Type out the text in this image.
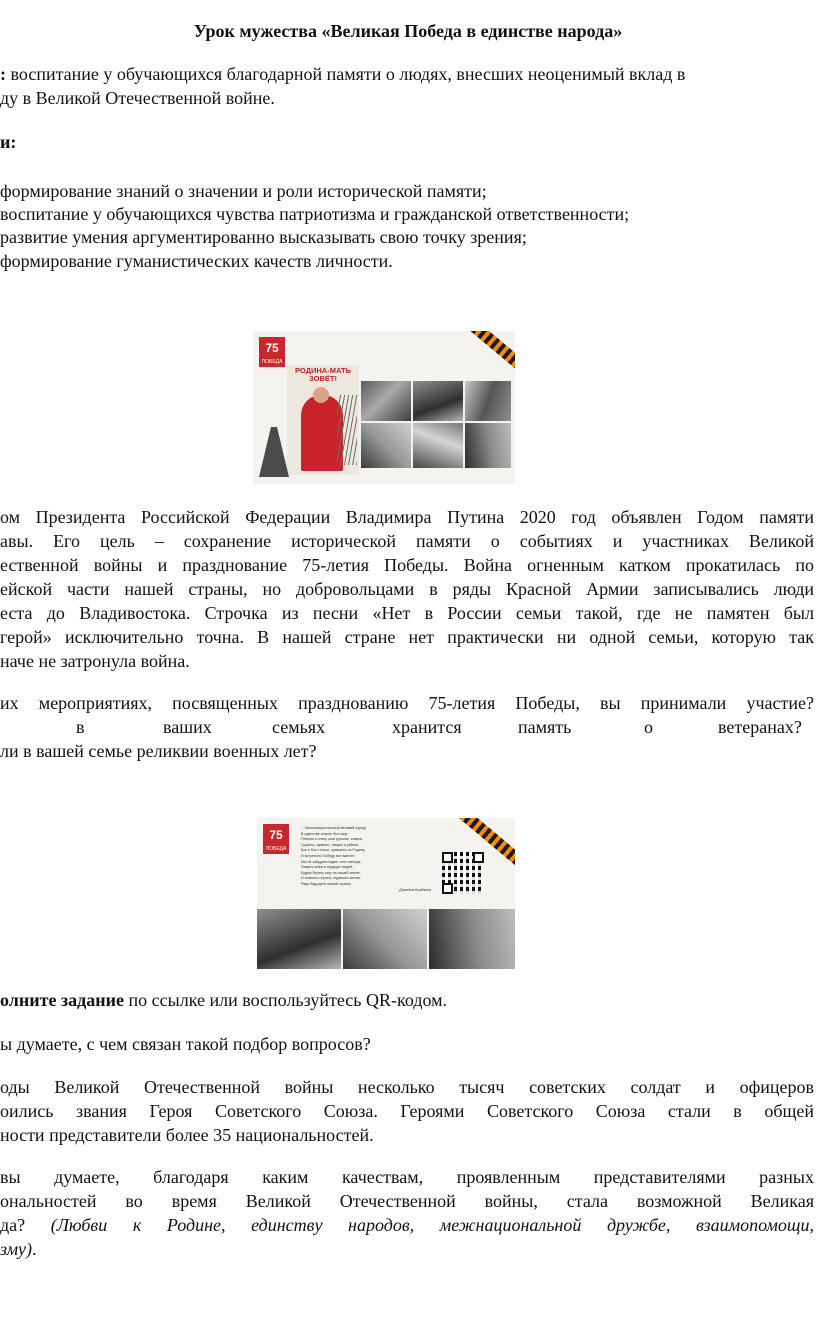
Урок мужества «Великая Победа в единстве народа»
: воспитание у обучающихся благодарной памяти о людях, внесших неоценимый вклад в
ду в Великой Отечественной войне.
и:
формирование знаний о значении и роли исторической памяти;
воспитание у обучающихся чувства патриотизма и гражданской ответственности;
развитие умения аргументированно высказывать свою точку зрения;
формирование гуманистических качеств личности.
75
ПОБЕДА
РОДИНА-МАТЬ
ЗОВЁТ!
ом Президента Российской Федерации Владимира Путина 2020 год объявлен Годом памяти
авы. Его цель – сохранение исторической памяти о событиях и участниках Великой
ественной войны и празднование 75-летия Победы. Война огненным катком прокатилась по
ейской части нашей страны, но добровольцами в ряды Красной Армии записывались люди
еста до Владивостока. Строчка из песни «Нет в России семьи такой, где не памятен был
герой» исключительно точна. В нашей стране нет практически ни одной семьи, которую так
наче не затронула война.
их мероприятиях, посвященных празднованию 75-летия Победы, вы принимали участие?
в	ваших	семьях	хранится	память	о	ветеранах?
ли в вашей семье реликвии военных лет?
75
ПОБЕДА
... Многонациональный великий народ!
В единстве спасен был мир.
Плечом к плечу шли русские, казахи,
Грузины, армяне, татары и узбеки.
Бок о бок стояли, сражаясь за Родину,
И встретили Победу все вместе.
Мы не забудем подвиг этот никогда,
Память жива в сердцах людей,
Будем беречь мир на нашей земле.
И помнить героев, отдавших жизни,
Ради будущего нашей страны.
Давыдов Богданов
олните задание по ссылке или воспользуйтесь QR-кодом.
ы думаете, с чем связан такой подбор вопросов?
оды Великой Отечественной войны несколько тысяч советских солдат и офицеров
оились звания Героя Советского Союза. Героями Советского Союза стали в общей
ности представители более 35 национальностей.
вы думаете, благодаря каким качествам, проявленным представителями разных
ональностей во время Великой Отечественной войны, стала возможной Великая
да? (Любви к Родине, единству народов, межнациональной дружбе, взаимопомощи,
зму).
